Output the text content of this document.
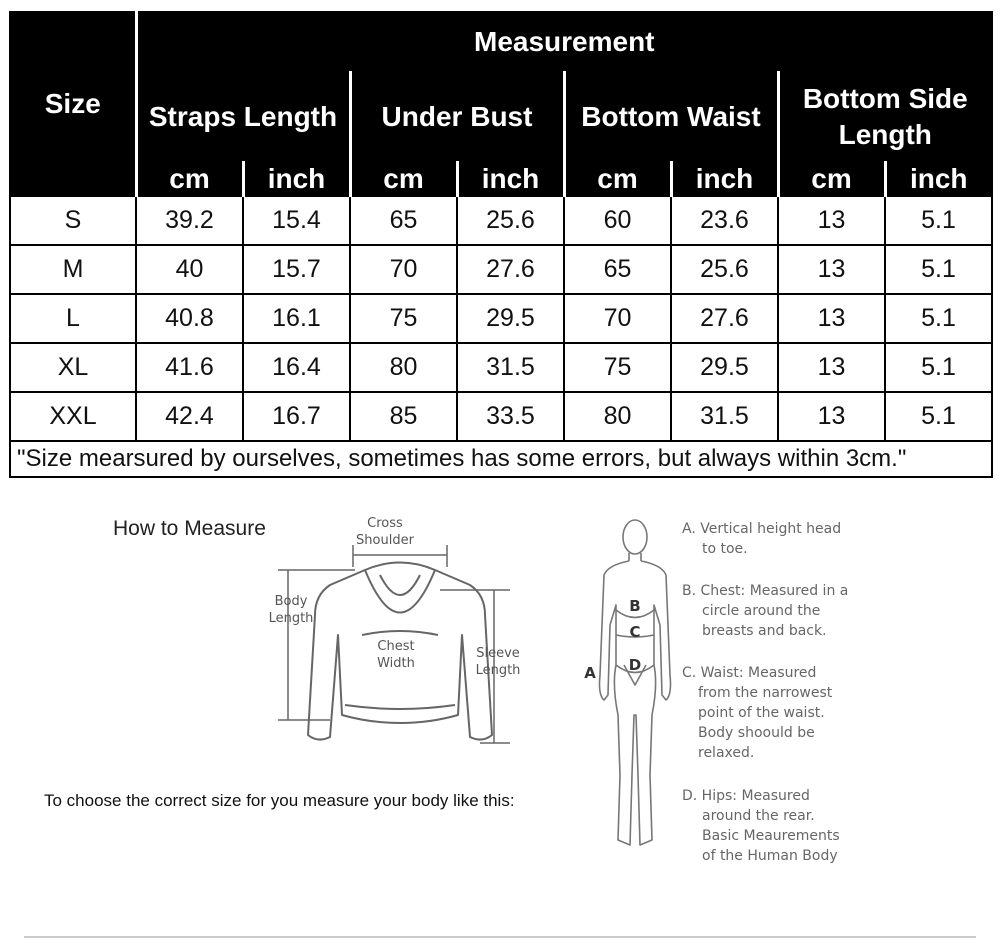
Size	Measurement							
	Straps Length		Under Bust		Bottom Waist		Bottom Side Length	
	cm	inch	cm	inch	cm	inch	cm	inch
S	39.2	15.4	65	25.6	60	23.6	13	5.1
M	40	15.7	70	27.6	65	25.6	13	5.1
L	40.8	16.1	75	29.5	70	27.6	13	5.1
XL	41.6	16.4	80	31.5	75	29.5	13	5.1
XXL	42.4	16.7	85	33.5	80	31.5	13	5.1
"Size mearsured by ourselves, sometimes has some errors, but always within 3cm."								
How to Measure	Cross
Shoulder
Body
Length
Chest
Width
Sleeve
Length
To choose the correct size for you measure your body like this:
A
B
C
D
A. Vertical height head
to toe.
B. Chest: Measured in a
circle around the
breasts and back.
C. Waist: Measured
from the narrowest
point of the waist.
Body shoould be
relaxed.
D. Hips: Measured
around the rear.
Basic Meaurements
of the Human Body
